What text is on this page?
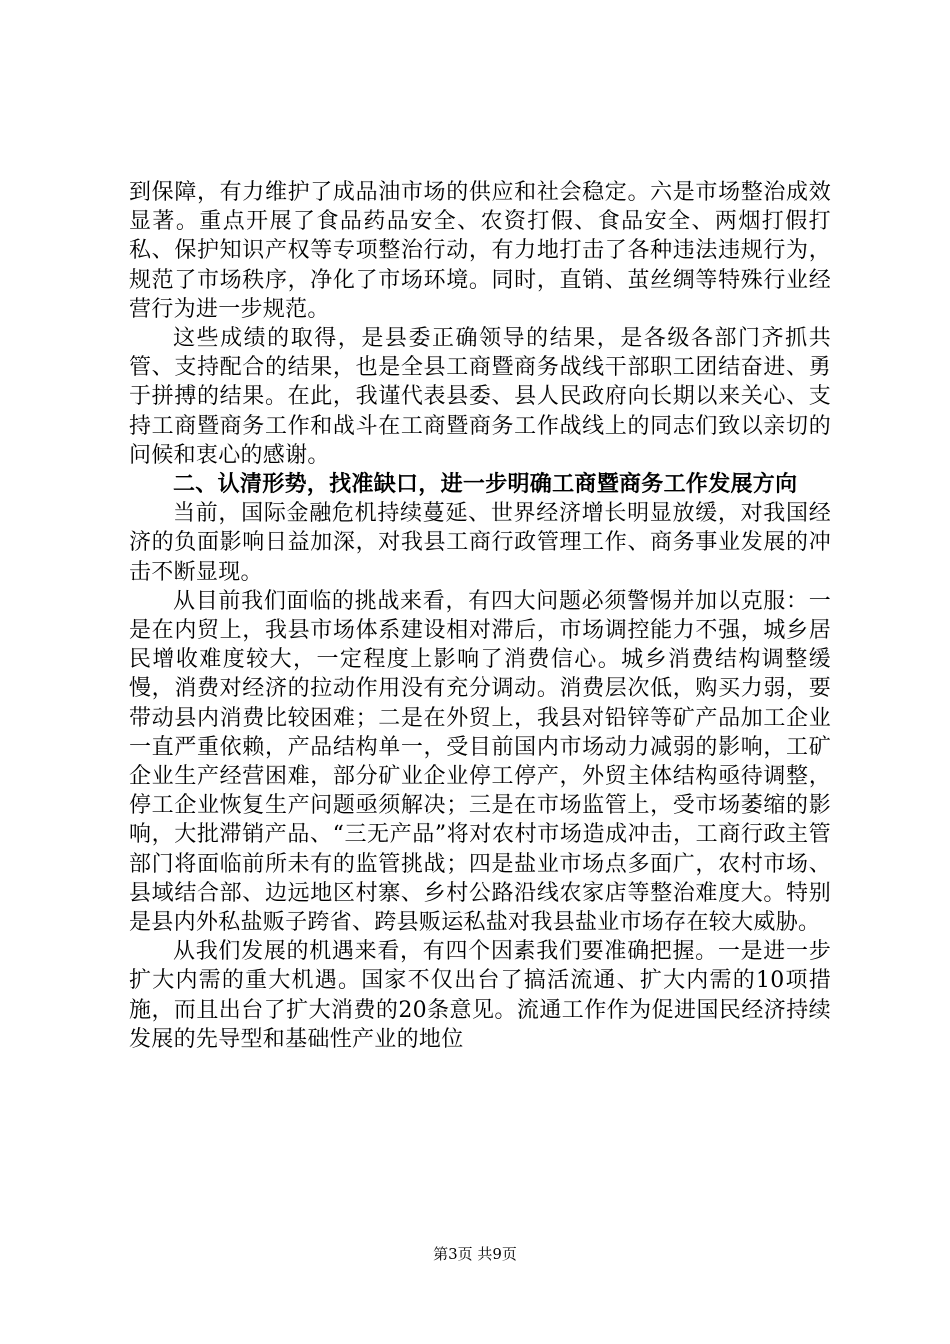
到保障，有力维护了成品油市场的供应和社会稳定。六是市场整治成效显著。重点开展了食品药品安全、农资打假、食品安全、两烟打假打私、保护知识产权等专项整治行动，有力地打击了各种违法违规行为，规范了市场秩序，净化了市场环境。同时，直销、茧丝绸等特殊行业经营行为进一步规范。

这些成绩的取得，是县委正确领导的结果，是各级各部门齐抓共管、支持配合的结果，也是全县工商暨商务战线干部职工团结奋进、勇于拼搏的结果。在此，我谨代表县委、县人民政府向长期以来关心、支持工商暨商务工作和战斗在工商暨商务工作战线上的同志们致以亲切的问候和衷心的感谢。

二、认清形势，找准缺口，进一步明确工商暨商务工作发展方向

当前，国际金融危机持续蔓延、世界经济增长明显放缓，对我国经济的负面影响日益加深，对我县工商行政管理工作、商务事业发展的冲击不断显现。

从目前我们面临的挑战来看，有四大问题必须警惕并加以克服：一是在内贸上，我县市场体系建设相对滞后，市场调控能力不强，城乡居民增收难度较大，一定程度上影响了消费信心。城乡消费结构调整缓慢，消费对经济的拉动作用没有充分调动。消费层次低，购买力弱，要带动县内消费比较困难；二是在外贸上，我县对铅锌等矿产品加工企业一直严重依赖，产品结构单一，受目前国内市场动力减弱的影响，工矿企业生产经营困难，部分矿业企业停工停产，外贸主体结构亟待调整，停工企业恢复生产问题亟须解决；三是在市场监管上，受市场萎缩的影响，大批滞销产品、“三无产品”将对农村市场造成冲击，工商行政主管部门将面临前所未有的监管挑战；四是盐业市场点多面广，农村市场、县域结合部、边远地区村寨、乡村公路沿线农家店等整治难度大。特别是县内外私盐贩子跨省、跨县贩运私盐对我县盐业市场存在较大威胁。

从我们发展的机遇来看，有四个因素我们要准确把握。一是进一步扩大内需的重大机遇。国家不仅出台了搞活流通、扩大内需的10项措施，而且出台了扩大消费的20条意见。流通工作作为促进国民经济持续发展的先导型和基础性产业的地位

第3页 共9页
